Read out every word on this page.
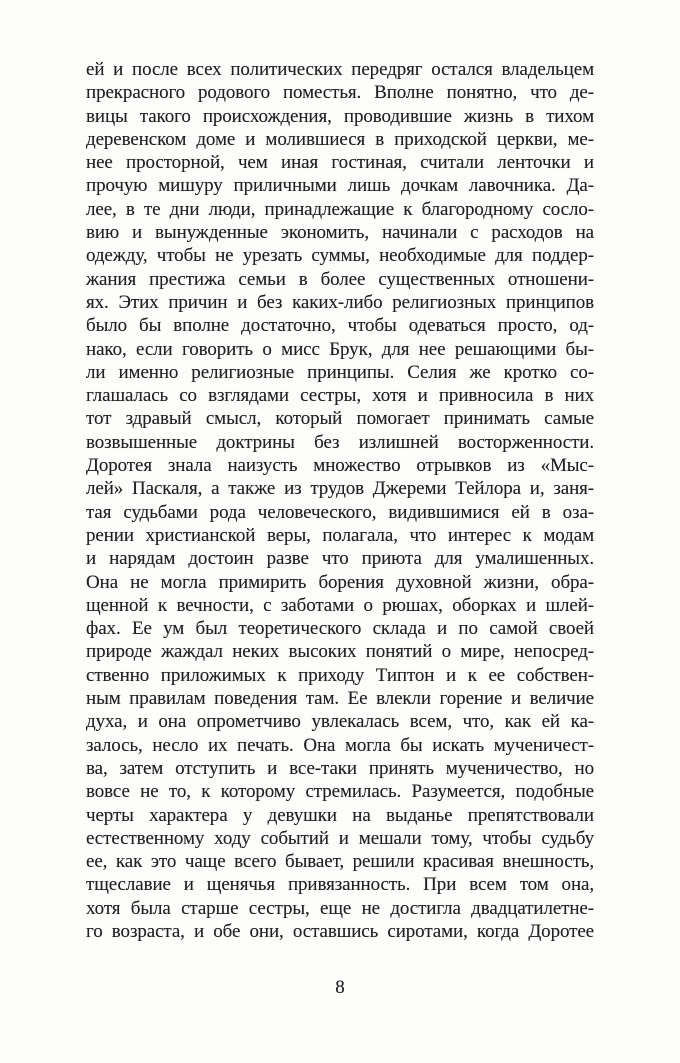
ей и после всех политических передряг остался владельцем
прекрасного родового поместья. Вполне понятно, что де-
вицы такого происхождения, проводившие жизнь в тихом
деревенском доме и молившиеся в приходской церкви, ме-
нее просторной, чем иная гостиная, считали ленточки и
прочую мишуру приличными лишь дочкам лавочника. Да-
лее, в те дни люди, принадлежащие к благородному сосло-
вию и вынужденные экономить, начинали с расходов на
одежду, чтобы не урезать суммы, необходимые для поддер-
жания престижа семьи в более существенных отношени-
ях. Этих причин и без каких-либо религиозных принципов
было бы вполне достаточно, чтобы одеваться просто, од-
нако, если говорить о мисс Брук, для нее решающими бы-
ли именно религиозные принципы. Селия же кротко со-
глашалась со взглядами сестры, хотя и привносила в них
тот здравый смысл, который помогает принимать самые
возвышенные доктрины без излишней восторженности.
Доротея знала наизусть множество отрывков из «Мыс-
лей» Паскаля, а также из трудов Джереми Тейлора и, заня-
тая судьбами рода человеческого, видившимися ей в оза-
рении христианской веры, полагала, что интерес к модам
и нарядам достоин разве что приюта для умалишенных.
Она не могла примирить борения духовной жизни, обра-
щенной к вечности, с заботами о рюшах, оборках и шлей-
фах. Ее ум был теоретического склада и по самой своей
природе жаждал неких высоких понятий о мире, непосред-
ственно приложимых к приходу Типтон и к ее собствен-
ным правилам поведения там. Ее влекли горение и величие
духа, и она опрометчиво увлекалась всем, что, как ей ка-
залось, несло их печать. Она могла бы искать мученичест-
ва, затем отступить и все-таки принять мученичество, но
вовсе не то, к которому стремилась. Разумеется, подобные
черты характера у девушки на выданье препятствовали
естественному ходу событий и мешали тому, чтобы судьбу
ее, как это чаще всего бывает, решили красивая внешность,
тщеславие и щенячья привязанность. При всем том она,
хотя была старше сестры, еще не достигла двадцатилетне-
го возраста, и обе они, оставшись сиротами, когда Доротее
8
